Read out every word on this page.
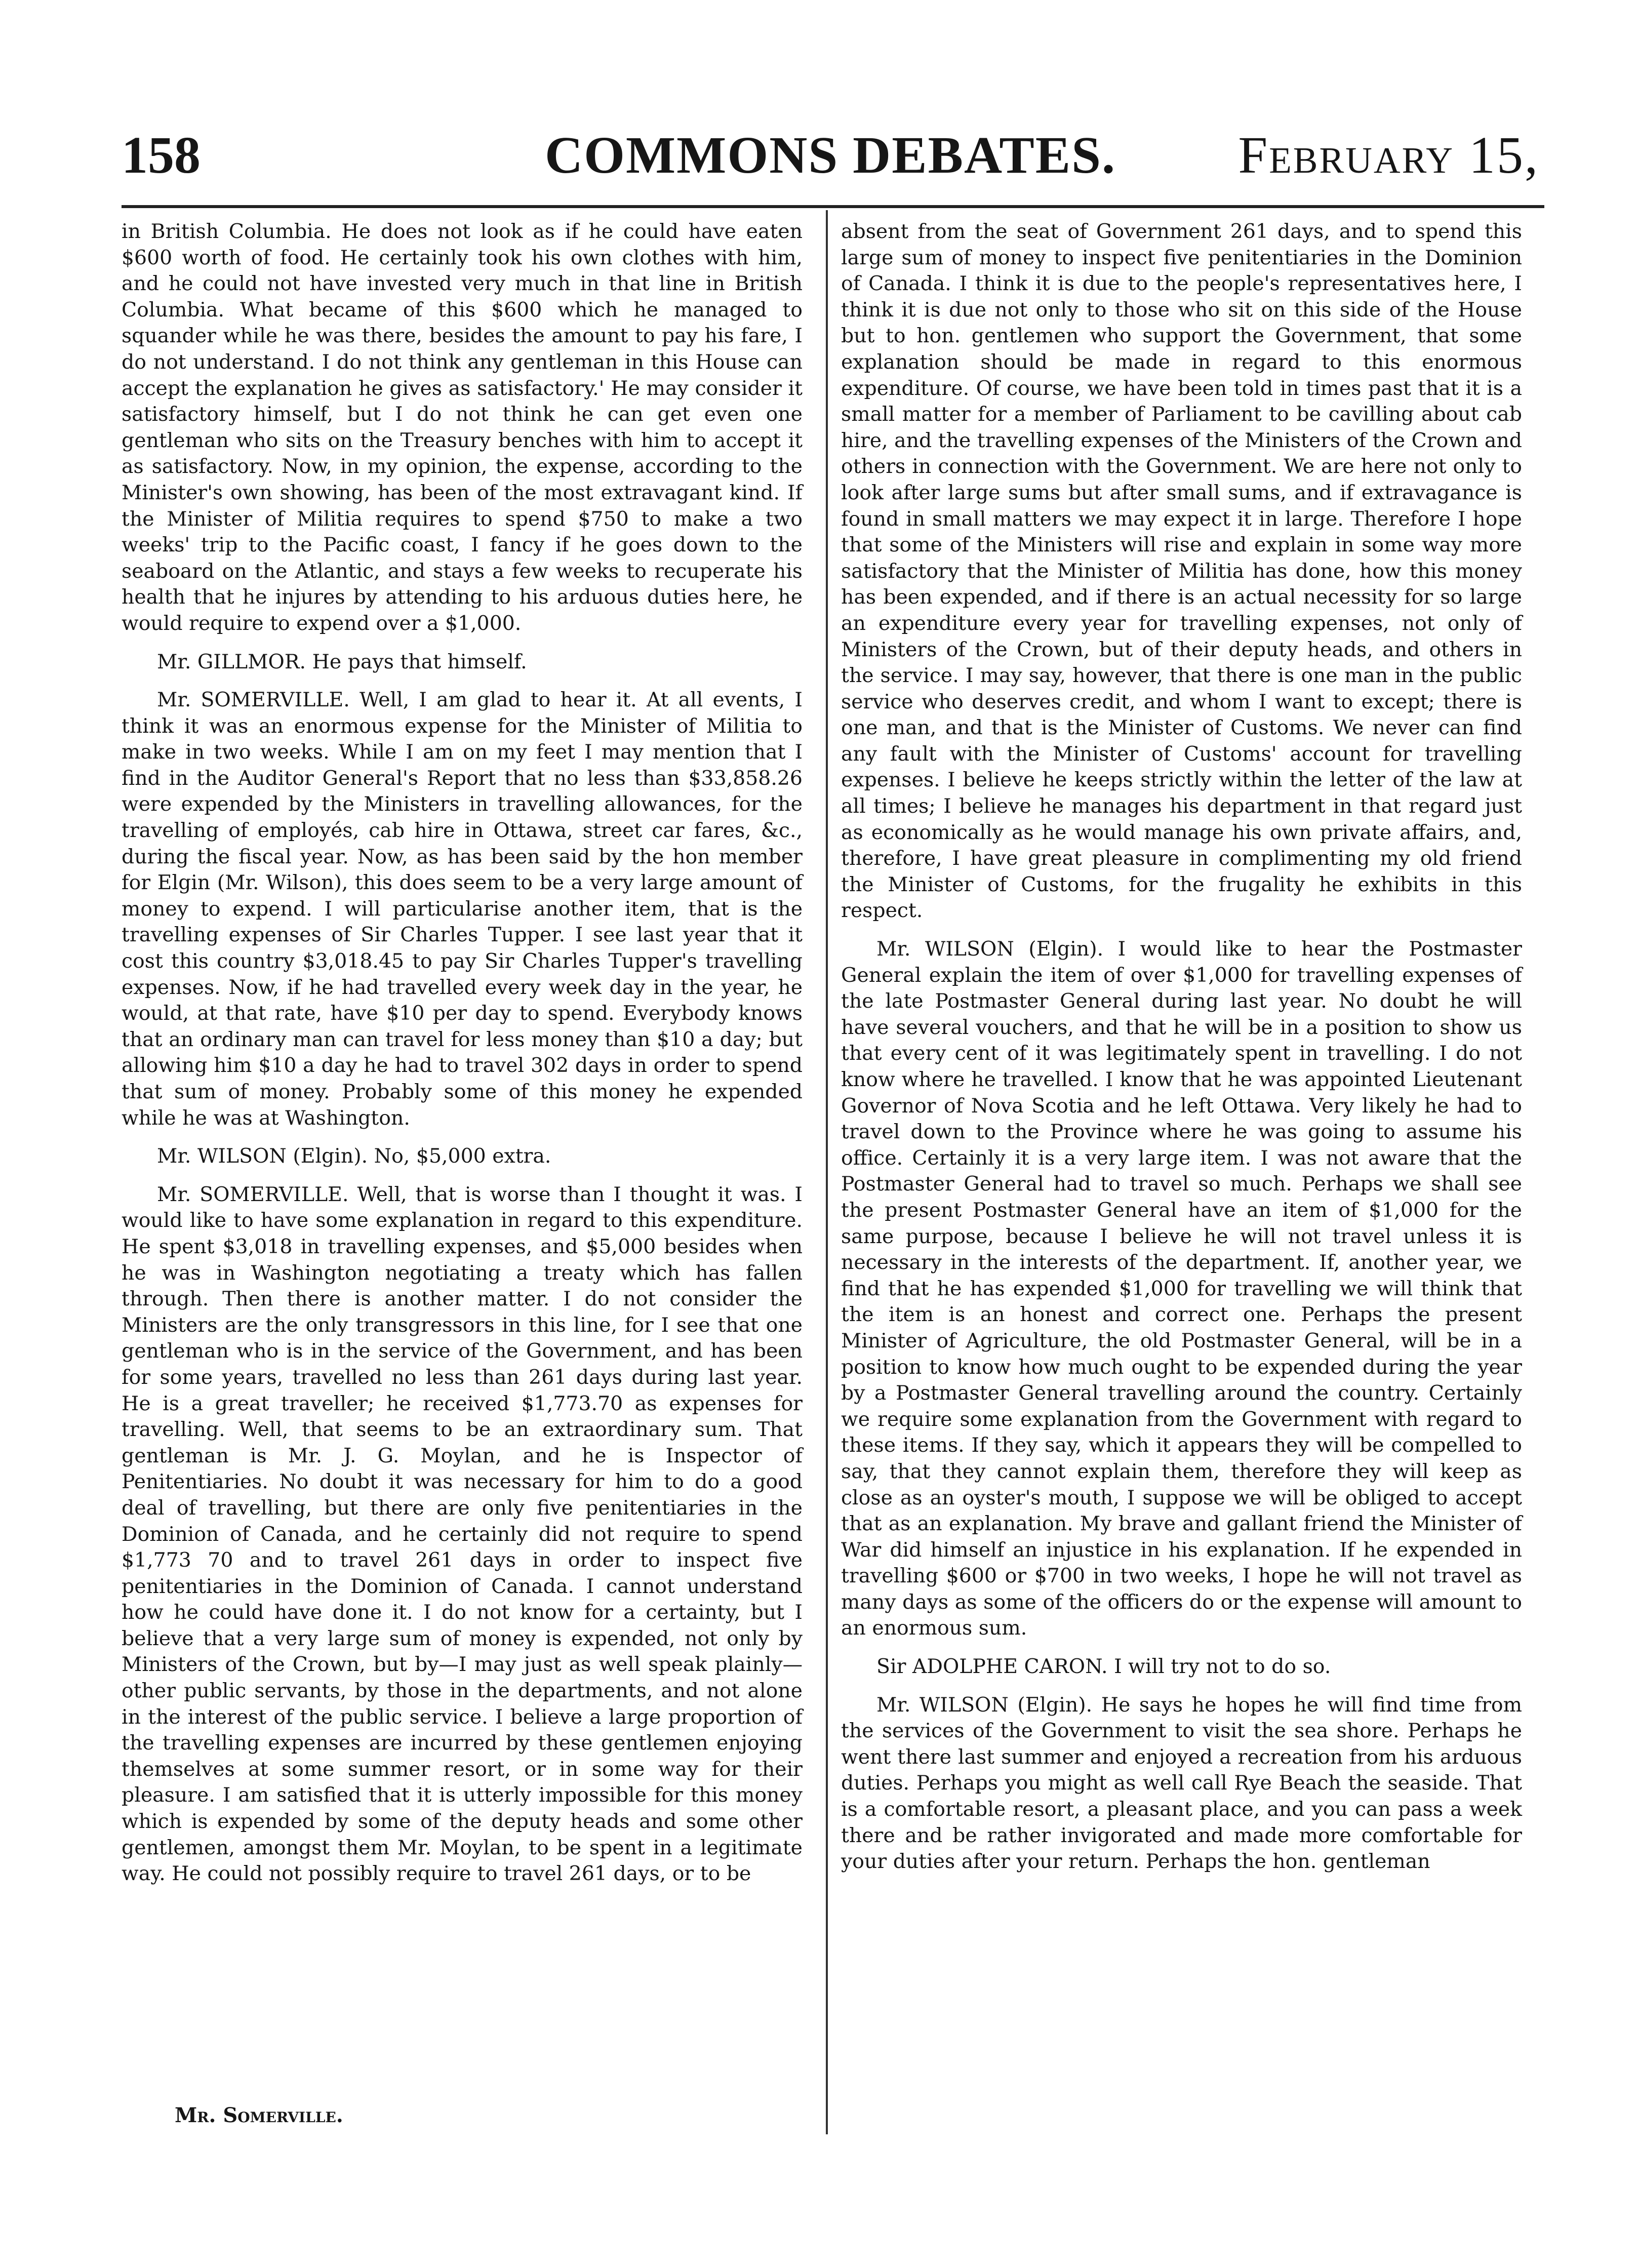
158	COMMONS DEBATES.	February 15,

in British Columbia. He does not look as if he could have eaten $600 worth of food. He certainly took his own clothes with him, and he could not have invested very much in that line in British Columbia. What became of this $600 which he managed to squander while he was there, besides the amount to pay his fare, I do not understand. I do not think any gentleman in this House can accept the explanation he gives as satisfactory.' He may consider it satisfactory himself, but I do not think he can get even one gentleman who sits on the Treasury benches with him to accept it as satisfactory. Now, in my opinion, the expense, according to the Minister's own showing, has been of the most extravagant kind. If the Minister of Militia requires to spend $750 to make a two weeks' trip to the Pacific coast, I fancy if he goes down to the seaboard on the Atlantic, and stays a few weeks to recuperate his health that he injures by attending to his arduous duties here, he would require to expend over a $1,000.

Mr. GILLMOR. He pays that himself.

Mr. SOMERVILLE. Well, I am glad to hear it. At all events, I think it was an enormous expense for the Minister of Militia to make in two weeks. While I am on my feet I may mention that I find in the Auditor General's Report that no less than $33,858.26 were expended by the Ministers in travelling allowances, for the travelling of employés, cab hire in Ottawa, street car fares, &c., during the fiscal year. Now, as has been said by the hon member for Elgin (Mr. Wilson), this does seem to be a very large amount of money to expend. I will particularise another item, that is the travelling expenses of Sir Charles Tupper. I see last year that it cost this country $3,018.45 to pay Sir Charles Tupper's travelling expenses. Now, if he had travelled every week day in the year, he would, at that rate, have $10 per day to spend. Everybody knows that an ordinary man can travel for less money than $10 a day; but allowing him $10 a day he had to travel 302 days in order to spend that sum of money. Probably some of this money he expended while he was at Washington.

Mr. WILSON (Elgin). No, $5,000 extra.

Mr. SOMERVILLE. Well, that is worse than I thought it was. I would like to have some explanation in regard to this expenditure. He spent $3,018 in travelling expenses, and $5,000 besides when he was in Washington negotiating a treaty which has fallen through. Then there is another matter. I do not consider the Ministers are the only transgressors in this line, for I see that one gentleman who is in the service of the Government, and has been for some years, travelled no less than 261 days during last year. He is a great traveller; he received $1,773.70 as expenses for travelling. Well, that seems to be an extraordinary sum. That gentleman is Mr. J. G. Moylan, and he is Inspector of Penitentiaries. No doubt it was necessary for him to do a good deal of travelling, but there are only five penitentiaries in the Dominion of Canada, and he certainly did not require to spend $1,773 70 and to travel 261 days in order to inspect five penitentiaries in the Dominion of Canada. I cannot understand how he could have done it. I do not know for a certainty, but I believe that a very large sum of money is expended, not only by Ministers of the Crown, but by—I may just as well speak plainly—other public servants, by those in the departments, and not alone in the interest of the public service. I believe a large proportion of the travelling expenses are incurred by these gentlemen enjoying themselves at some summer resort, or in some way for their pleasure. I am satisfied that it is utterly impossible for this money which is expended by some of the deputy heads and some other gentlemen, amongst them Mr. Moylan, to be spent in a legitimate way. He could not possibly require to travel 261 days, or to be

Mr. Somerville.

absent from the seat of Government 261 days, and to spend this large sum of money to inspect five penitentiaries in the Dominion of Canada. I think it is due to the people's representatives here, I think it is due not only to those who sit on this side of the House but to hon. gentlemen who support the Government, that some explanation should be made in regard to this enormous expenditure. Of course, we have been told in times past that it is a small matter for a member of Parliament to be cavilling about cab hire, and the travelling expenses of the Ministers of the Crown and others in connection with the Government. We are here not only to look after large sums but after small sums, and if extravagance is found in small matters we may expect it in large. Therefore I hope that some of the Ministers will rise and explain in some way more satisfactory that the Minister of Militia has done, how this money has been expended, and if there is an actual necessity for so large an expenditure every year for travelling expenses, not only of Ministers of the Crown, but of their deputy heads, and others in the service. I may say, however, that there is one man in the public service who deserves credit, and whom I want to except; there is one man, and that is the Minister of Customs. We never can find any fault with the Minister of Customs' account for travelling expenses. I believe he keeps strictly within the letter of the law at all times; I believe he manages his department in that regard just as economically as he would manage his own private affairs, and, therefore, I have great pleasure in complimenting my old friend the Minister of Customs, for the frugality he exhibits in this respect.

Mr. WILSON (Elgin). I would like to hear the Postmaster General explain the item of over $1,000 for travelling expenses of the late Postmaster General during last year. No doubt he will have several vouchers, and that he will be in a position to show us that every cent of it was legitimately spent in travelling. I do not know where he travelled. I know that he was appointed Lieutenant Governor of Nova Scotia and he left Ottawa. Very likely he had to travel down to the Province where he was going to assume his office. Certainly it is a very large item. I was not aware that the Postmaster General had to travel so much. Perhaps we shall see the present Postmaster General have an item of $1,000 for the same purpose, because I believe he will not travel unless it is necessary in the interests of the department. If, another year, we find that he has expended $1,000 for travelling we will think that the item is an honest and correct one. Perhaps the present Minister of Agriculture, the old Postmaster General, will be in a position to know how much ought to be expended during the year by a Postmaster General travelling around the country. Certainly we require some explanation from the Government with regard to these items. If they say, which it appears they will be compelled to say, that they cannot explain them, therefore they will keep as close as an oyster's mouth, I suppose we will be obliged to accept that as an explanation. My brave and gallant friend the Minister of War did himself an injustice in his explanation. If he expended in travelling $600 or $700 in two weeks, I hope he will not travel as many days as some of the officers do or the expense will amount to an enormous sum.

Sir ADOLPHE CARON. I will try not to do so.

Mr. WILSON (Elgin). He says he hopes he will find time from the services of the Government to visit the sea shore. Perhaps he went there last summer and enjoyed a recreation from his arduous duties. Perhaps you might as well call Rye Beach the seaside. That is a comfortable resort, a pleasant place, and you can pass a week there and be rather invigorated and made more comfortable for your duties after your return. Perhaps the hon. gentleman
